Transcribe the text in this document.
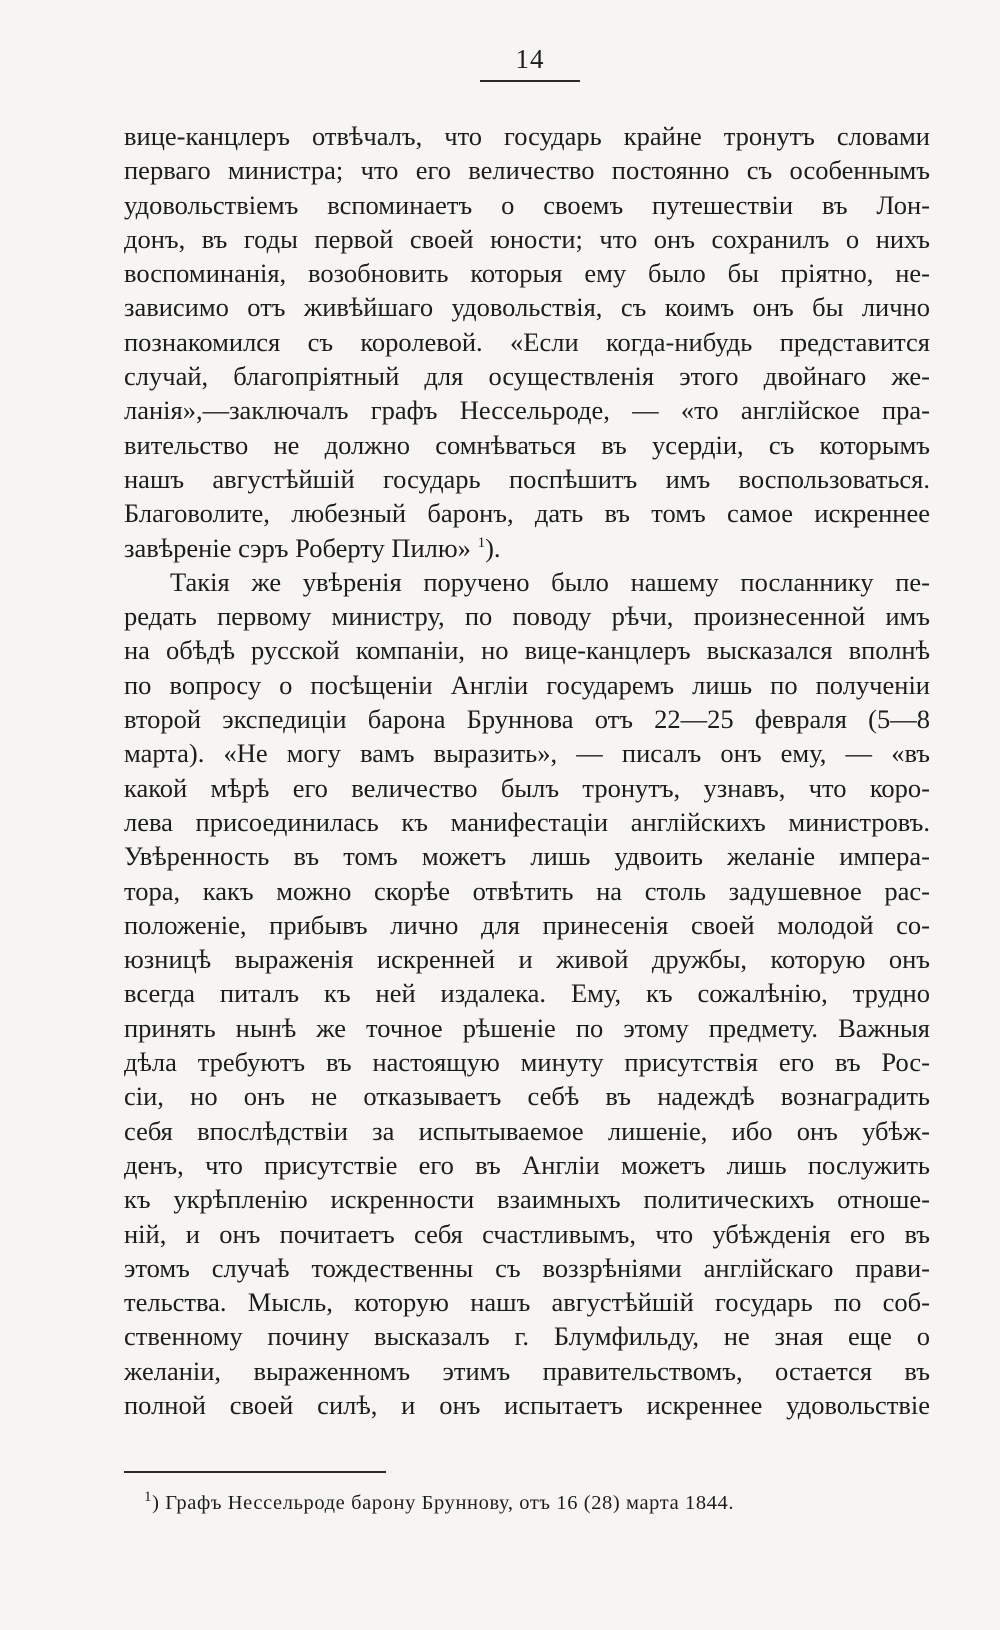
14
вице-канцлеръ отвѣчалъ, что государь крайне тронутъ словами
перваго министра; что его величество постоянно съ особеннымъ
удовольствіемъ вспоминаетъ о своемъ путешествіи въ Лон-
донъ, въ годы первой своей юности; что онъ сохранилъ о нихъ
воспоминанія, возобновить которыя ему было бы пріятно, не-
зависимо отъ живѣйшаго удовольствія, съ коимъ онъ бы лично
познакомился съ королевой. «Если когда-нибудь представится
случай, благопріятный для осуществленія этого двойнаго же-
ланія»,—заключалъ графъ Нессельроде, — «то англійское пра-
вительство не должно сомнѣваться въ усердіи, съ которымъ
нашъ августѣйшій государь поспѣшитъ имъ воспользоваться.
Благоволите, любезный баронъ, дать въ томъ самое искреннее
завѣреніе сэръ Роберту Пилю» $^1$).
Такія же увѣренія поручено было нашему посланнику пе-
редать первому министру, по поводу рѣчи, произнесенной имъ
на обѣдѣ русской компаніи, но вице-канцлеръ высказался вполнѣ
по вопросу о посѣщеніи Англіи государемъ лишь по полученіи
второй экспедиціи барона Бруннова отъ 22—25 февраля (5—8
марта). «Не могу вамъ выразить», — писалъ онъ ему, — «въ
какой мѣрѣ его величество былъ тронутъ, узнавъ, что коро-
лева присоединилась къ манифестаціи англійскихъ министровъ.
Увѣренность въ томъ можетъ лишь удвоить желаніе импера-
тора, какъ можно скорѣе отвѣтить на столь задушевное рас-
положеніе, прибывъ лично для принесенія своей молодой со-
юзницѣ выраженія искренней и живой дружбы, которую онъ
всегда питалъ къ ней издалека. Ему, къ сожалѣнію, трудно
принять нынѣ же точное рѣшеніе по этому предмету. Важныя
дѣла требуютъ въ настоящую минуту присутствія его въ Рос-
сіи, но онъ не отказываетъ себѣ въ надеждѣ вознаградить
себя впослѣдствіи за испытываемое лишеніе, ибо онъ убѣж-
денъ, что присутствіе его въ Англіи можетъ лишь послужить
къ укрѣпленію искренности взаимныхъ политическихъ отноше-
ній, и онъ почитаетъ себя счастливымъ, что убѣжденія его въ
этомъ случаѣ тождественны съ воззрѣніями англійскаго прави-
тельства. Мысль, которую нашъ августѣйшій государь по соб-
ственному почину высказалъ г. Блумфильду, не зная еще о
желаніи, выраженномъ этимъ правительствомъ, остается въ
полной своей силѣ, и онъ испытаетъ искреннее удовольствіе
$^1$) Графъ Нессельроде барону Бруннову, отъ 16 (28) марта 1844.
